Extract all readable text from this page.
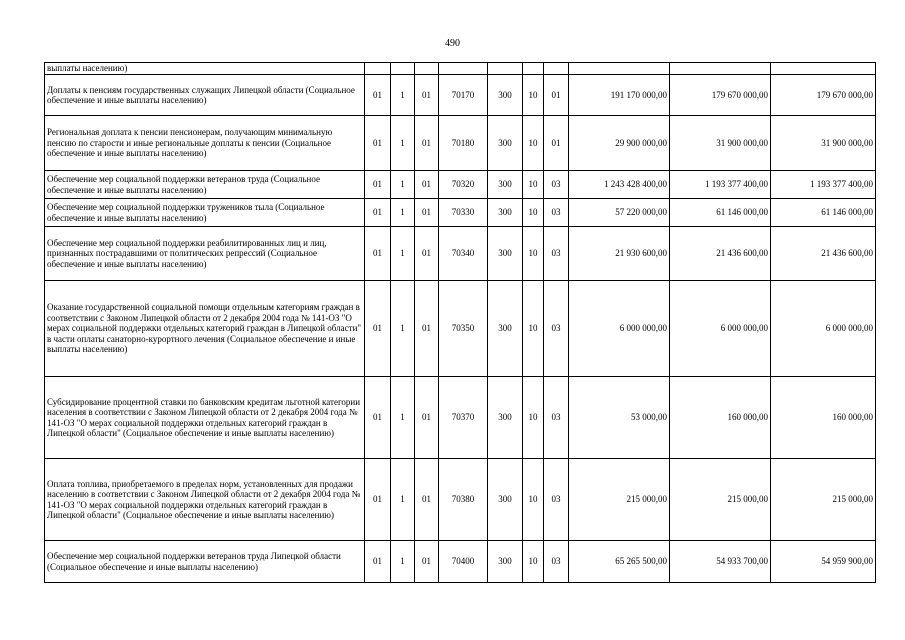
490
выплаты населению)										
Доплаты к пенсиям государственных служащих Липецкой области (Социальное обеспечение и иные выплаты населению)	01	1	01	70170	300	10	01	191 170 000,00	179 670 000,00	179 670 000,00
Региональная доплата к пенсии пенсионерам, получающим минимальную пенсию по старости и иные региональные доплаты к пенсии (Социальное обеспечение и иные выплаты населению)	01	1	01	70180	300	10	01	29 900 000,00	31 900 000,00	31 900 000,00
Обеспечение мер социальной поддержки ветеранов труда (Социальное обеспечение и иные выплаты населению)	01	1	01	70320	300	10	03	1 243 428 400,00	1 193 377 400,00	1 193 377 400,00
Обеспечение мер социальной поддержки тружеников тыла (Социальное обеспечение и иные выплаты населению)	01	1	01	70330	300	10	03	57 220 000,00	61 146 000,00	61 146 000,00
Обеспечение мер социальной поддержки реабилитированных лиц и лиц, признанных пострадавшими от политических репрессий (Социальное обеспечение и иные выплаты населению)	01	1	01	70340	300	10	03	21 930 600,00	21 436 600,00	21 436 600,00
Оказание государственной социальной помощи отдельным категориям граждан в соответствии с Законом Липецкой области от 2 декабря 2004 года № 141-ОЗ "О мерах социальной поддержки отдельных категорий граждан в Липецкой области" в части оплаты санаторно-курортного лечения (Социальное обеспечение и иные выплаты населению)	01	1	01	70350	300	10	03	6 000 000,00	6 000 000,00	6 000 000,00
Субсидирование процентной ставки по банковским кредитам льготной категории населения в соответствии с Законом Липецкой области от 2 декабря 2004 года № 141-ОЗ "О мерах социальной поддержки отдельных категорий граждан в Липецкой области" (Социальное обеспечение и иные выплаты населению)	01	1	01	70370	300	10	03	53 000,00	160 000,00	160 000,00
Оплата топлива, приобретаемого в пределах норм, установленных для продажи населению в соответствии с Законом Липецкой области от 2 декабря 2004 года № 141-ОЗ "О мерах социальной поддержки отдельных категорий граждан в Липецкой области" (Социальное обеспечение и иные выплаты населению)	01	1	01	70380	300	10	03	215 000,00	215 000,00	215 000,00
Обеспечение мер социальной поддержки ветеранов труда Липецкой области (Социальное обеспечение и иные выплаты населению)	01	1	01	70400	300	10	03	65 265 500,00	54 933 700,00	54 959 900,00
